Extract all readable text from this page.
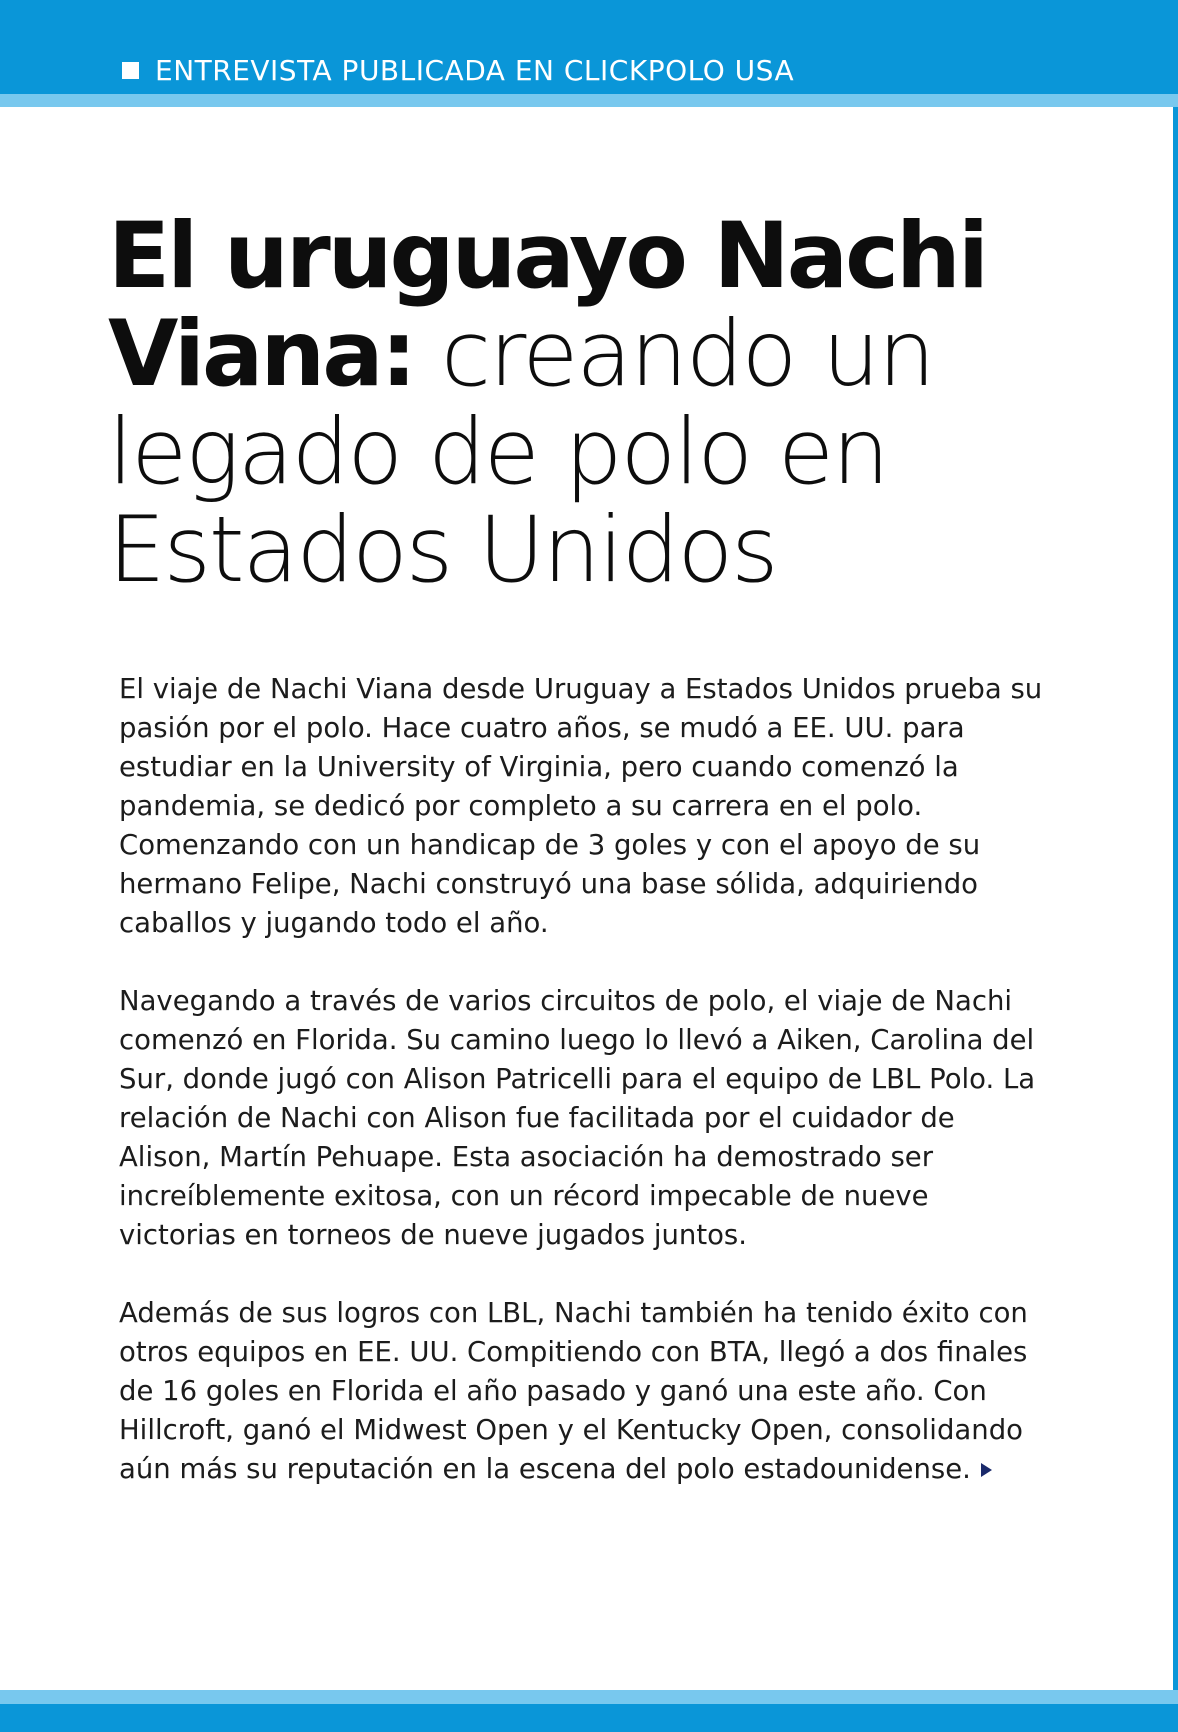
ENTREVISTA PUBLICADA EN CLICKPOLO USA
El uruguayo Nachi Viana: creando un legado de polo en Estados Unidos

El viaje de Nachi Viana desde Uruguay a Estados Unidos prueba su pasión por el polo. Hace cuatro años, se mudó a EE. UU. para estudiar en la University of Virginia, pero cuando comenzó la pandemia, se dedicó por completo a su carrera en el polo. Comenzando con un handicap de 3 goles y con el apoyo de su hermano Felipe, Nachi construyó una base sólida, adquiriendo caballos y jugando todo el año.

Navegando a través de varios circuitos de polo, el viaje de Nachi comenzó en Florida. Su camino luego lo llevó a Aiken, Carolina del Sur, donde jugó con Alison Patricelli para el equipo de LBL Polo. La relación de Nachi con Alison fue facilitada por el cuidador de Alison, Martín Pehuape. Esta asociación ha demostrado ser increíblemente exitosa, con un récord impecable de nueve victorias en torneos de nueve jugados juntos.

Además de sus logros con LBL, Nachi también ha tenido éxito con otros equipos en EE. UU. Compitiendo con BTA, llegó a dos finales de 16 goles en Florida el año pasado y ganó una este año. Con Hillcroft, ganó el Midwest Open y el Kentucky Open, consolidando aún más su reputación en la escena del polo estadounidense.
